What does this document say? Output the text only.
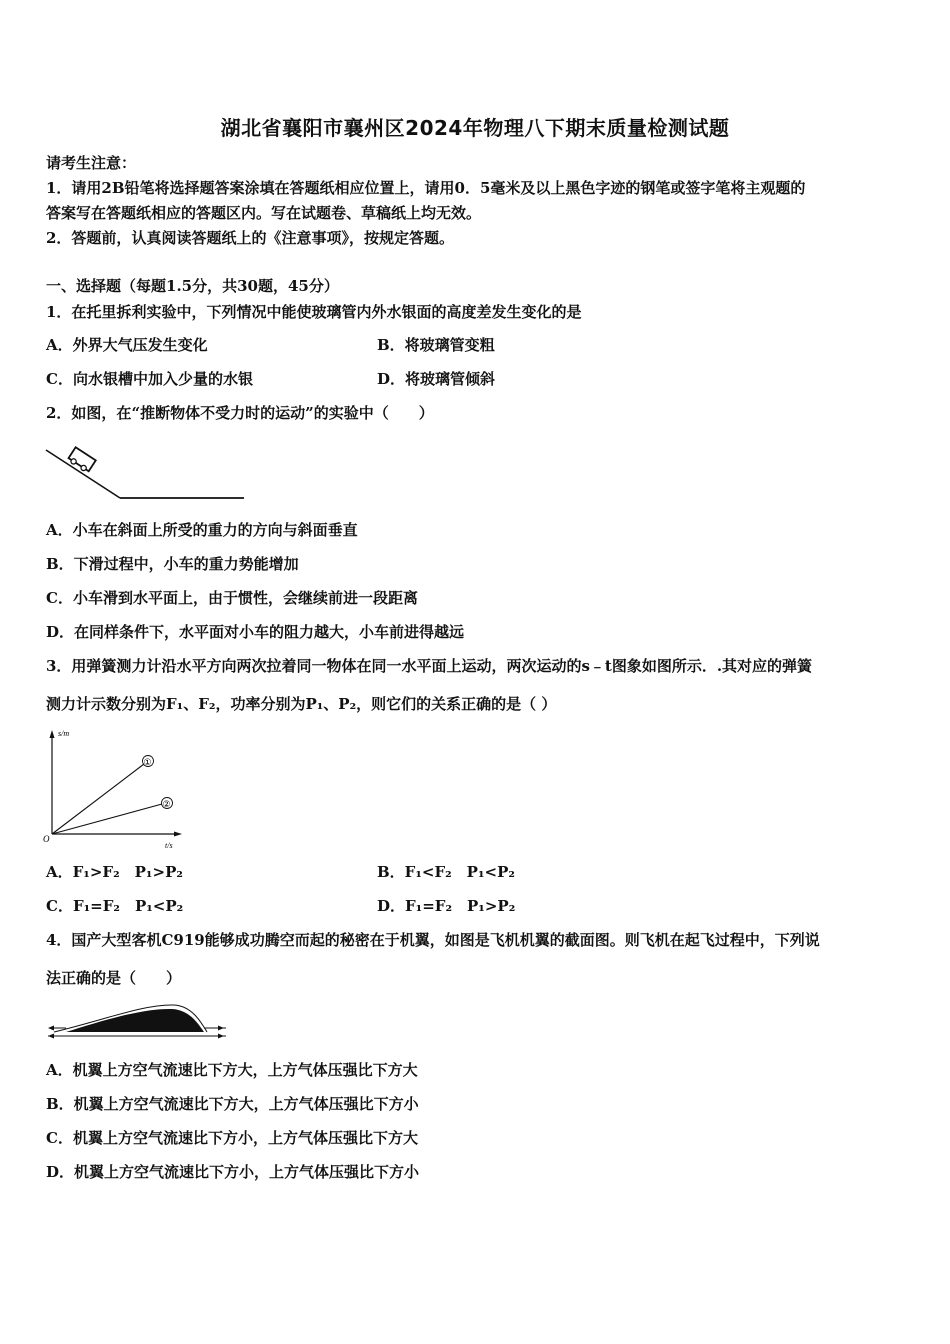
湖北省襄阳市襄州区2024年物理八下期末质量检测试题
请考生注意：
1．请用2B铅笔将选择题答案涂填在答题纸相应位置上，请用0．5毫米及以上黑色字迹的钢笔或签字笔将主观题的
答案写在答题纸相应的答题区内。写在试题卷、草稿纸上均无效。
2．答题前，认真阅读答题纸上的《注意事项》，按规定答题。
一、选择题（每题1.5分，共30题，45分）
1．在托里拆利实验中，下列情况中能使玻璃管内外水银面的高度差发生变化的是
A．外界大气压发生变化	B．将玻璃管变粗
C．向水银槽中加入少量的水银	D．将玻璃管倾斜
2．如图，在“推断物体不受力时的运动”的实验中（　　）
A．小车在斜面上所受的重力的方向与斜面垂直
B．下滑过程中，小车的重力势能增加
C．小车滑到水平面上，由于惯性，会继续前进一段距离
D．在同样条件下，水平面对小车的阻力越大，小车前进得越远
3．用弹簧测力计沿水平方向两次拉着同一物体在同一水平面上运动，两次运动的s﹣t图象如图所示．.其对应的弹簧
测力计示数分别为F₁、F₂，功率分别为P₁、P₂，则它们的关系正确的是（ ）
s/m
t/s
O
①
②
A．F₁>F₂　P₁>P₂	B．F₁<F₂　P₁<P₂
C．F₁=F₂　P₁<P₂	D．F₁=F₂　P₁>P₂
4．国产大型客机C919能够成功腾空而起的秘密在于机翼，如图是飞机机翼的截面图。则飞机在起飞过程中，下列说
法正确的是（　　）
A．机翼上方空气流速比下方大，上方气体压强比下方大
B．机翼上方空气流速比下方大，上方气体压强比下方小
C．机翼上方空气流速比下方小，上方气体压强比下方大
D．机翼上方空气流速比下方小，上方气体压强比下方小
